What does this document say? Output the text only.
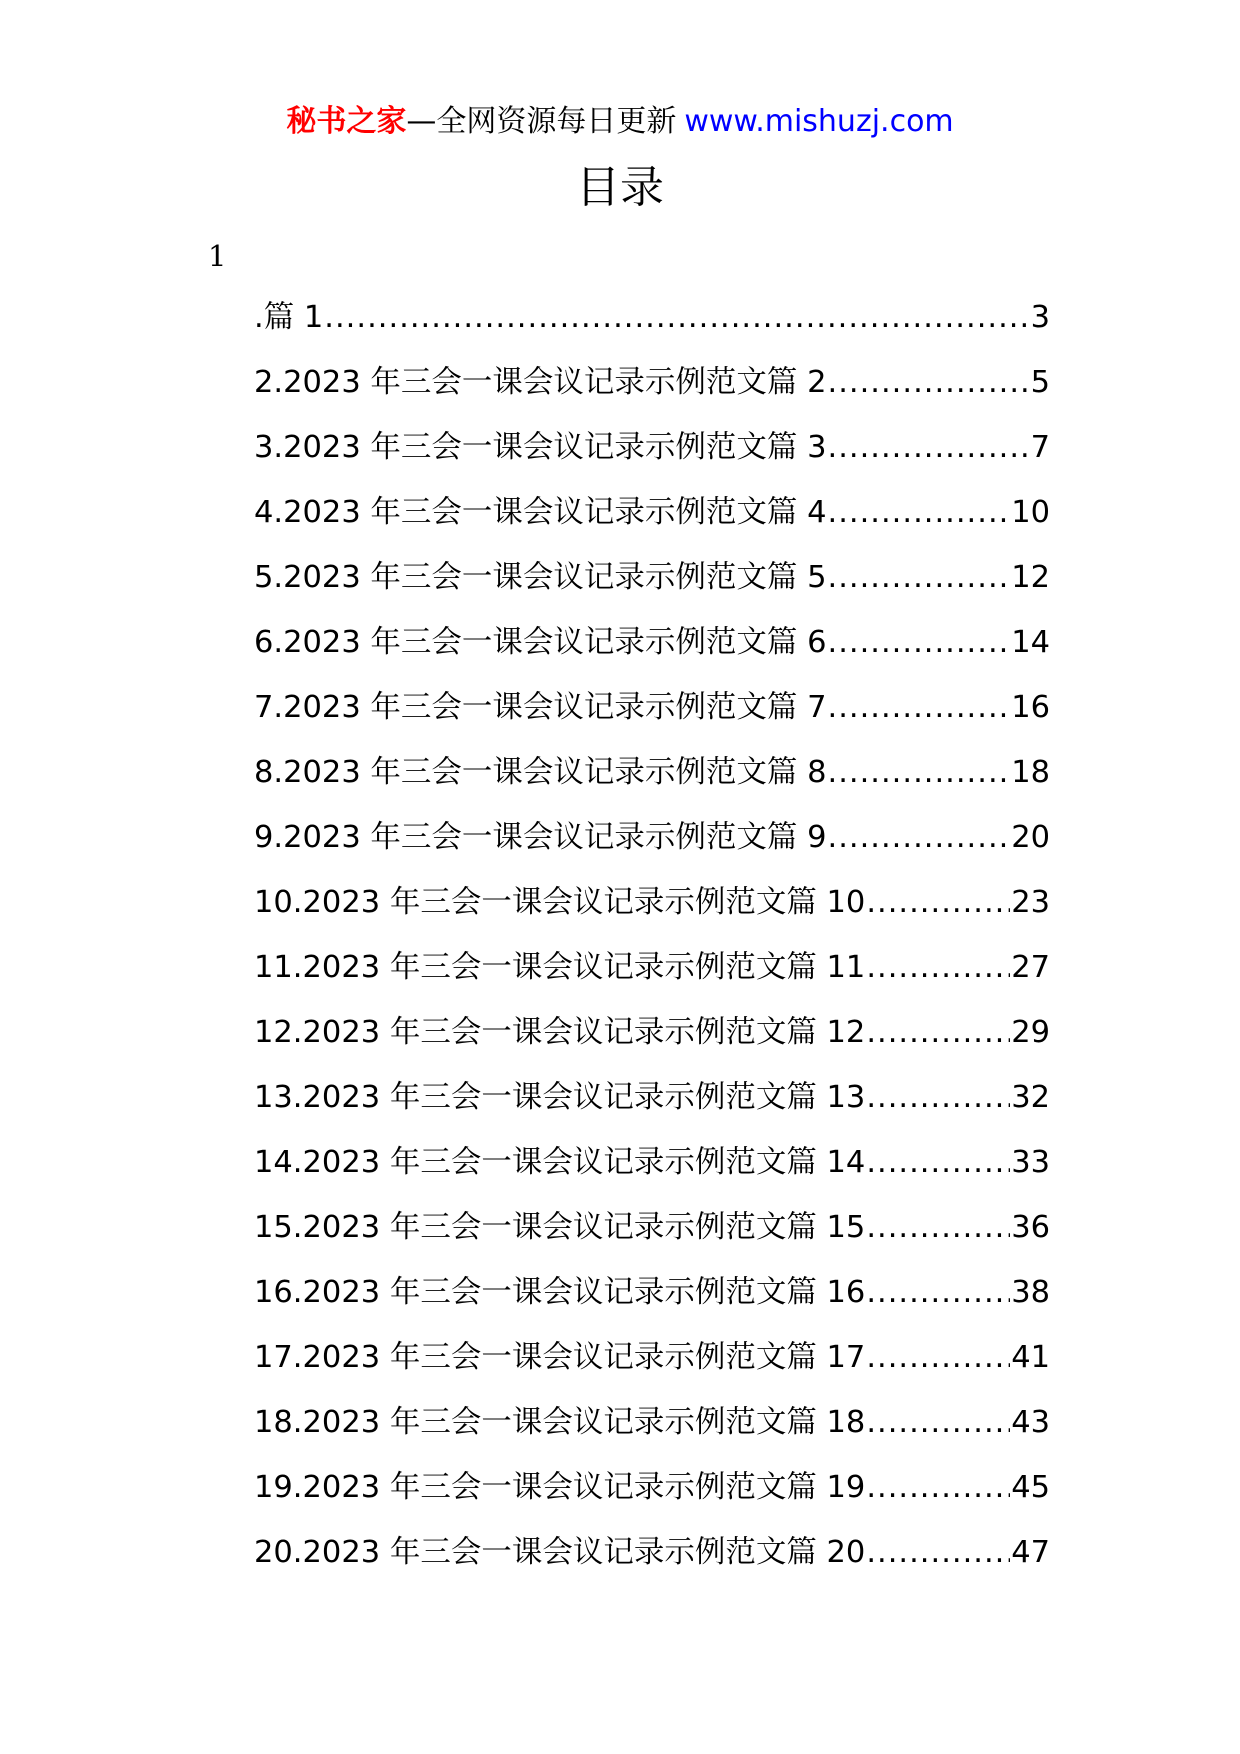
秘书之家—全网资源每日更新 www.mishuzj.com
目录
1
.篇 1 .....	3
2.2023 年三会一课会议记录示例范文篇 2 .....	5
3.2023 年三会一课会议记录示例范文篇 3 .....	7
4.2023 年三会一课会议记录示例范文篇 4 .....	10
5.2023 年三会一课会议记录示例范文篇 5 .....	12
6.2023 年三会一课会议记录示例范文篇 6 .....	14
7.2023 年三会一课会议记录示例范文篇 7 .....	16
8.2023 年三会一课会议记录示例范文篇 8 .....	18
9.2023 年三会一课会议记录示例范文篇 9 .....	20
10.2023 年三会一课会议记录示例范文篇 10 .....	23
11.2023 年三会一课会议记录示例范文篇 11 .....	27
12.2023 年三会一课会议记录示例范文篇 12 .....	29
13.2023 年三会一课会议记录示例范文篇 13 .....	32
14.2023 年三会一课会议记录示例范文篇 14 .....	33
15.2023 年三会一课会议记录示例范文篇 15 .....	36
16.2023 年三会一课会议记录示例范文篇 16 .....	38
17.2023 年三会一课会议记录示例范文篇 17 .....	41
18.2023 年三会一课会议记录示例范文篇 18 .....	43
19.2023 年三会一课会议记录示例范文篇 19 .....	45
20.2023 年三会一课会议记录示例范文篇 20 .....	47
